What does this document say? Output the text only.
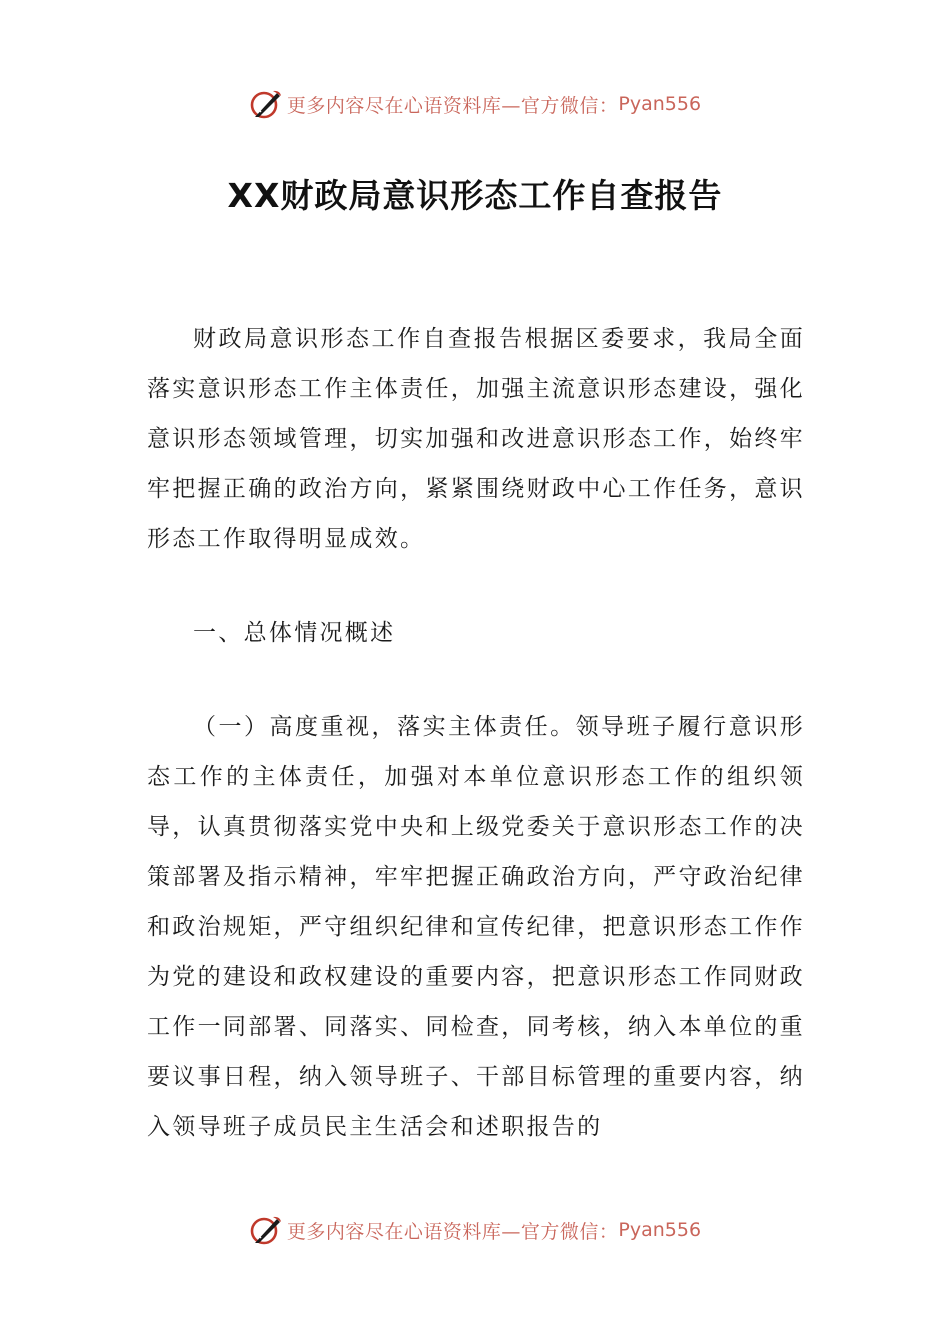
更多内容尽在心语资料库—官方微信： Pyan556
XX财政局意识形态工作自查报告

财政局意识形态工作自查报告根据区委要求，我局全面落实意识形态工作主体责任，加强主流意识形态建设，强化意识形态领域管理，切实加强和改进意识形态工作，始终牢牢把握正确的政治方向，紧紧围绕财政中心工作任务，意识形态工作取得明显成效。

一、总体情况概述

（一）高度重视，落实主体责任。领导班子履行意识形态工作的主体责任，加强对本单位意识形态工作的组织领导，认真贯彻落实党中央和上级党委关于意识形态工作的决策部署及指示精神，牢牢把握正确政治方向，严守政治纪律和政治规矩，严守组织纪律和宣传纪律，把意识形态工作作为党的建设和政权建设的重要内容，把意识形态工作同财政工作一同部署、同落实、同检查，同考核，纳入本单位的重要议事日程，纳入领导班子、干部目标管理的重要内容，纳入领导班子成员民主生活会和述职报告的

更多内容尽在心语资料库—官方微信： Pyan556
